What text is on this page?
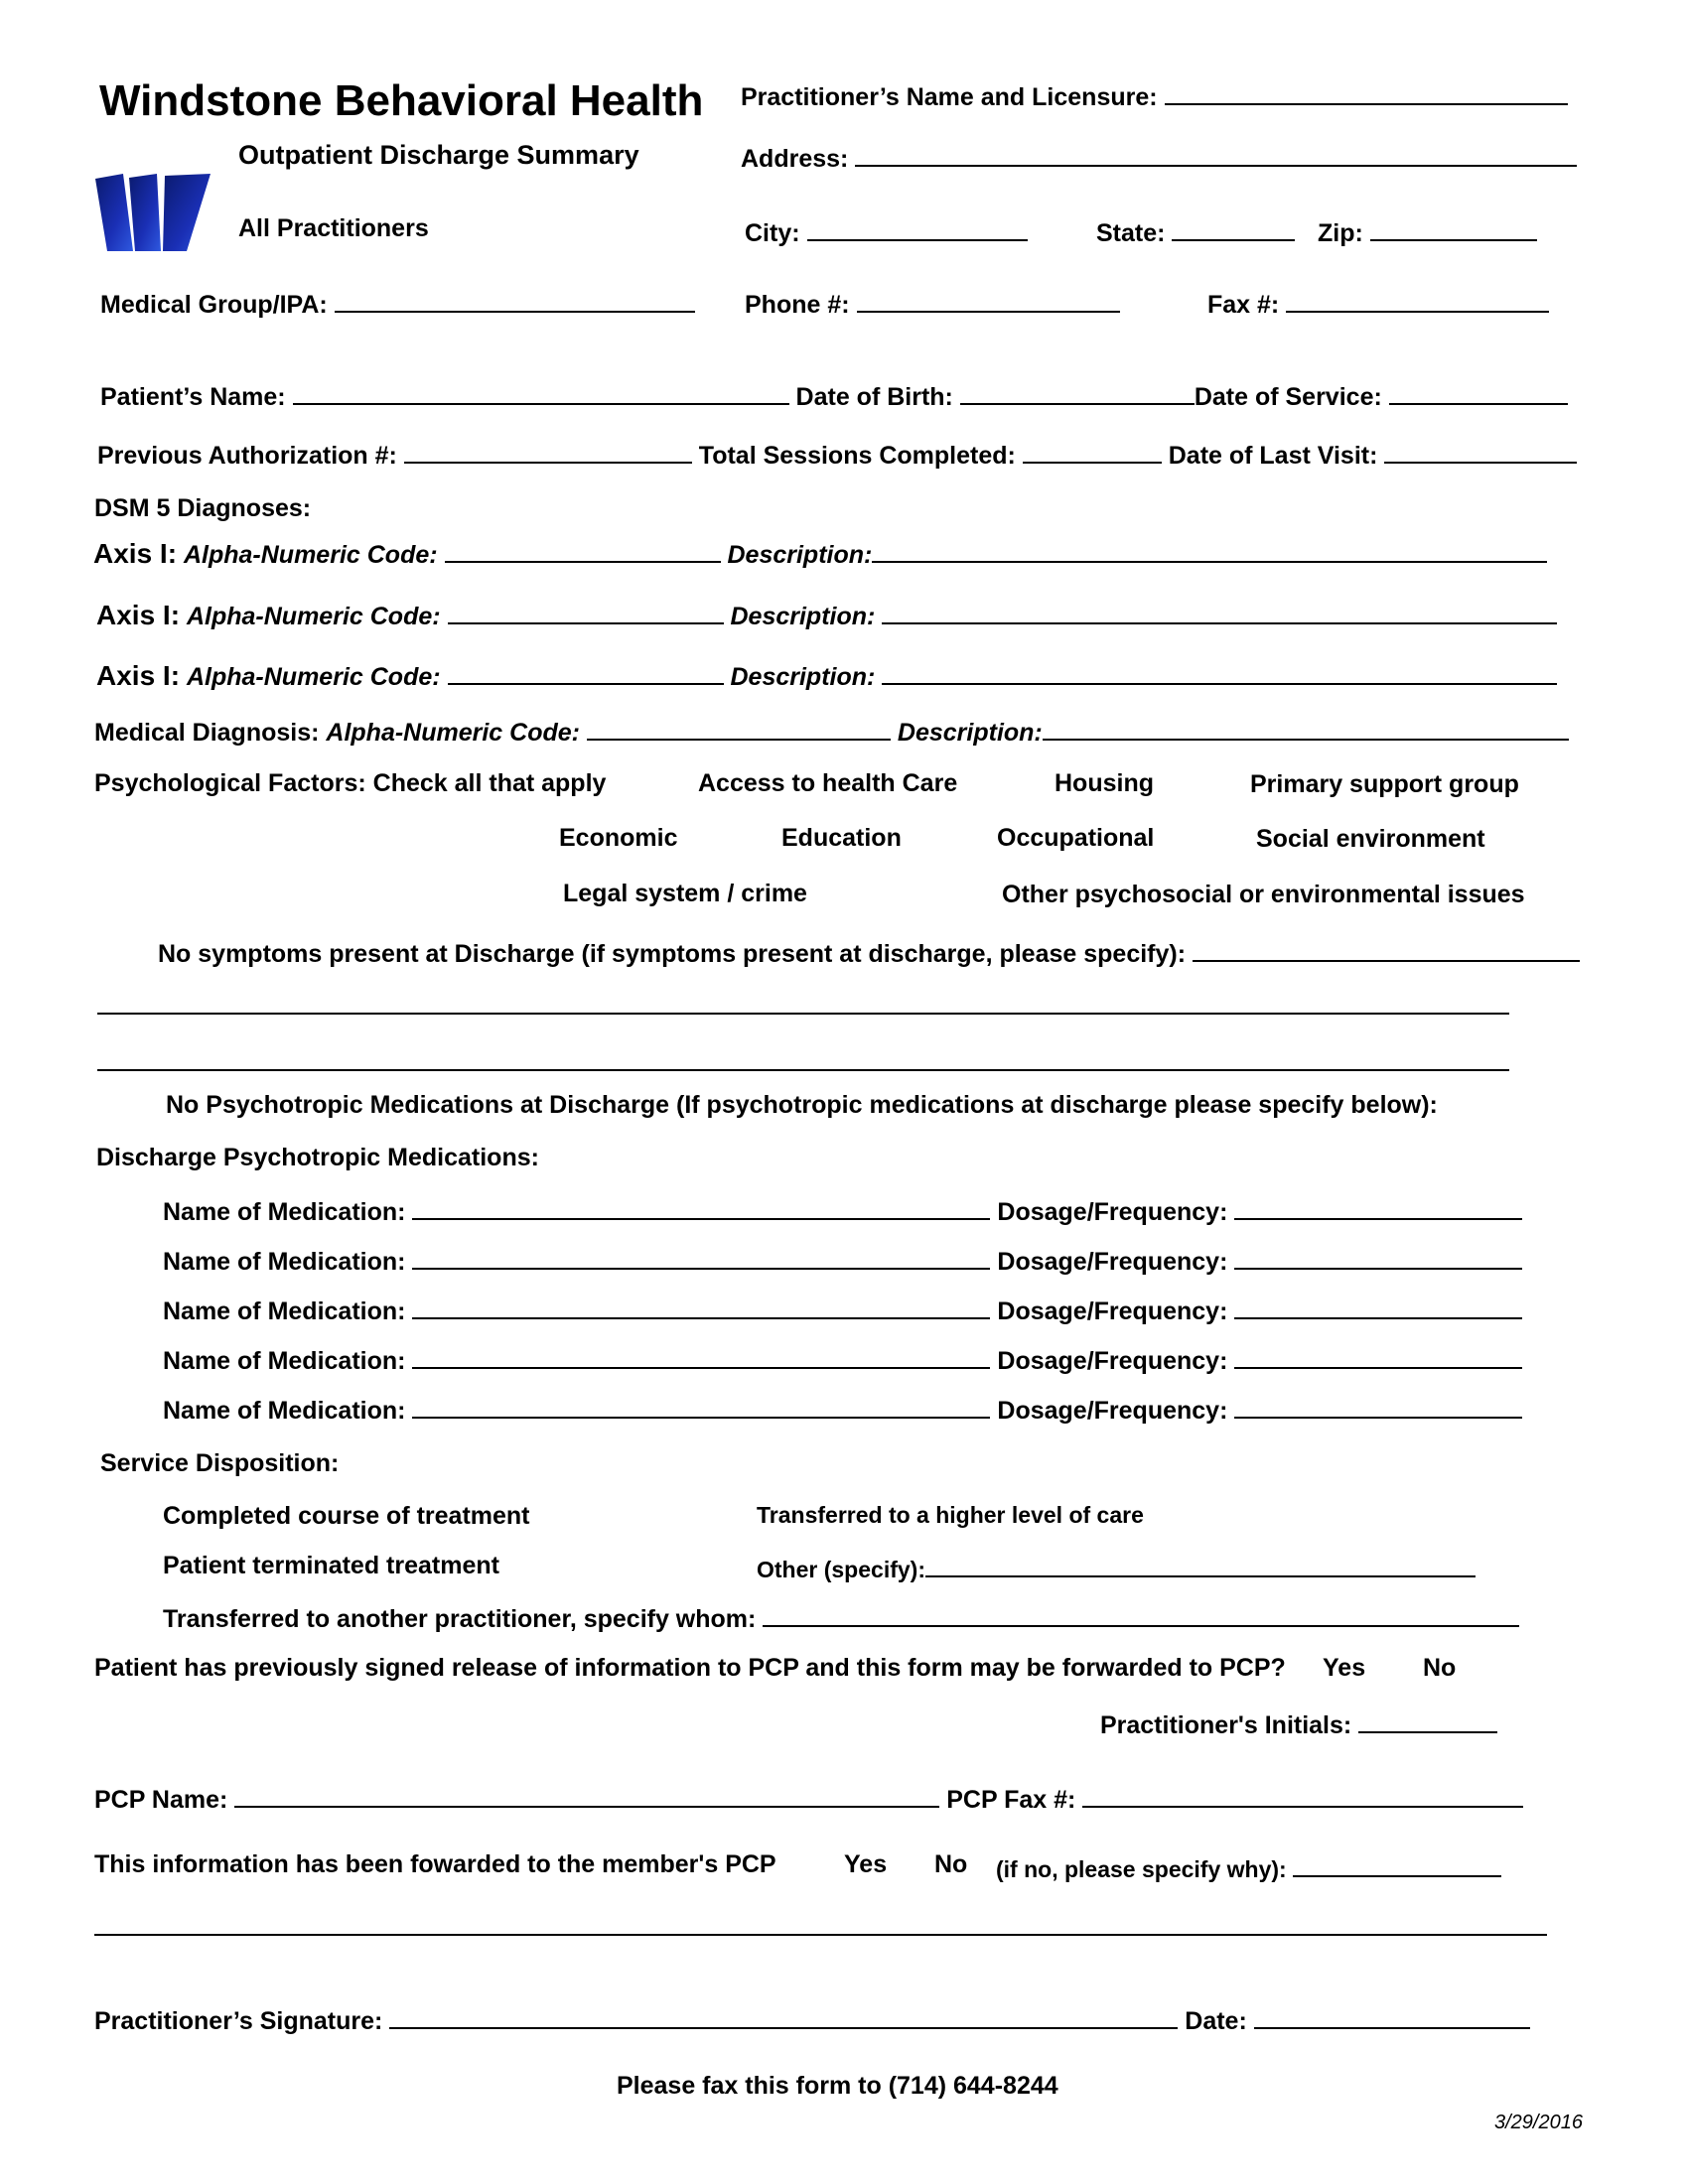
Windstone Behavioral Health
Outpatient Discharge Summary
All Practitioners
Practitioner’s Name and Licensure:
Address:
City:	State:	Zip:
Medical Group/IPA:	Phone #:	Fax #:
Patient’s Name:	Date of Birth:	Date of Service:
Previous Authorization #:	Total Sessions Completed:	Date of Last Visit:
DSM 5 Diagnoses:
Axis I: Alpha-Numeric Code:	Description:
Axis I: Alpha-Numeric Code:	Description:
Axis I: Alpha-Numeric Code:	Description:
Medical Diagnosis: Alpha-Numeric Code:	Description:
Psychological Factors: Check all that apply	Access to health Care	Housing	Primary support group
Economic	Education	Occupational	Social environment
Legal system / crime	Other psychosocial or environmental issues
No symptoms present at Discharge (if symptoms present at discharge, please specify):
No Psychotropic Medications at Discharge (If psychotropic medications at discharge please specify below):
Discharge Psychotropic Medications:
Name of Medication:	Dosage/Frequency:
Name of Medication:	Dosage/Frequency:
Name of Medication:	Dosage/Frequency:
Name of Medication:	Dosage/Frequency:
Name of Medication:	Dosage/Frequency:
Service Disposition:
Completed course of treatment	Transferred to a higher level of care
Patient terminated treatment	Other (specify):
Transferred to another practitioner, specify whom:
Patient has previously signed release of information to PCP and this form may be forwarded to PCP? Yes No
Practitioner's Initials:
PCP Name:	PCP Fax #:
This information has been fowarded to the member's PCP	Yes No (if no, please specify why):
Practitioner’s Signature:	Date:
Please fax this form to (714) 644-8244
3/29/2016
